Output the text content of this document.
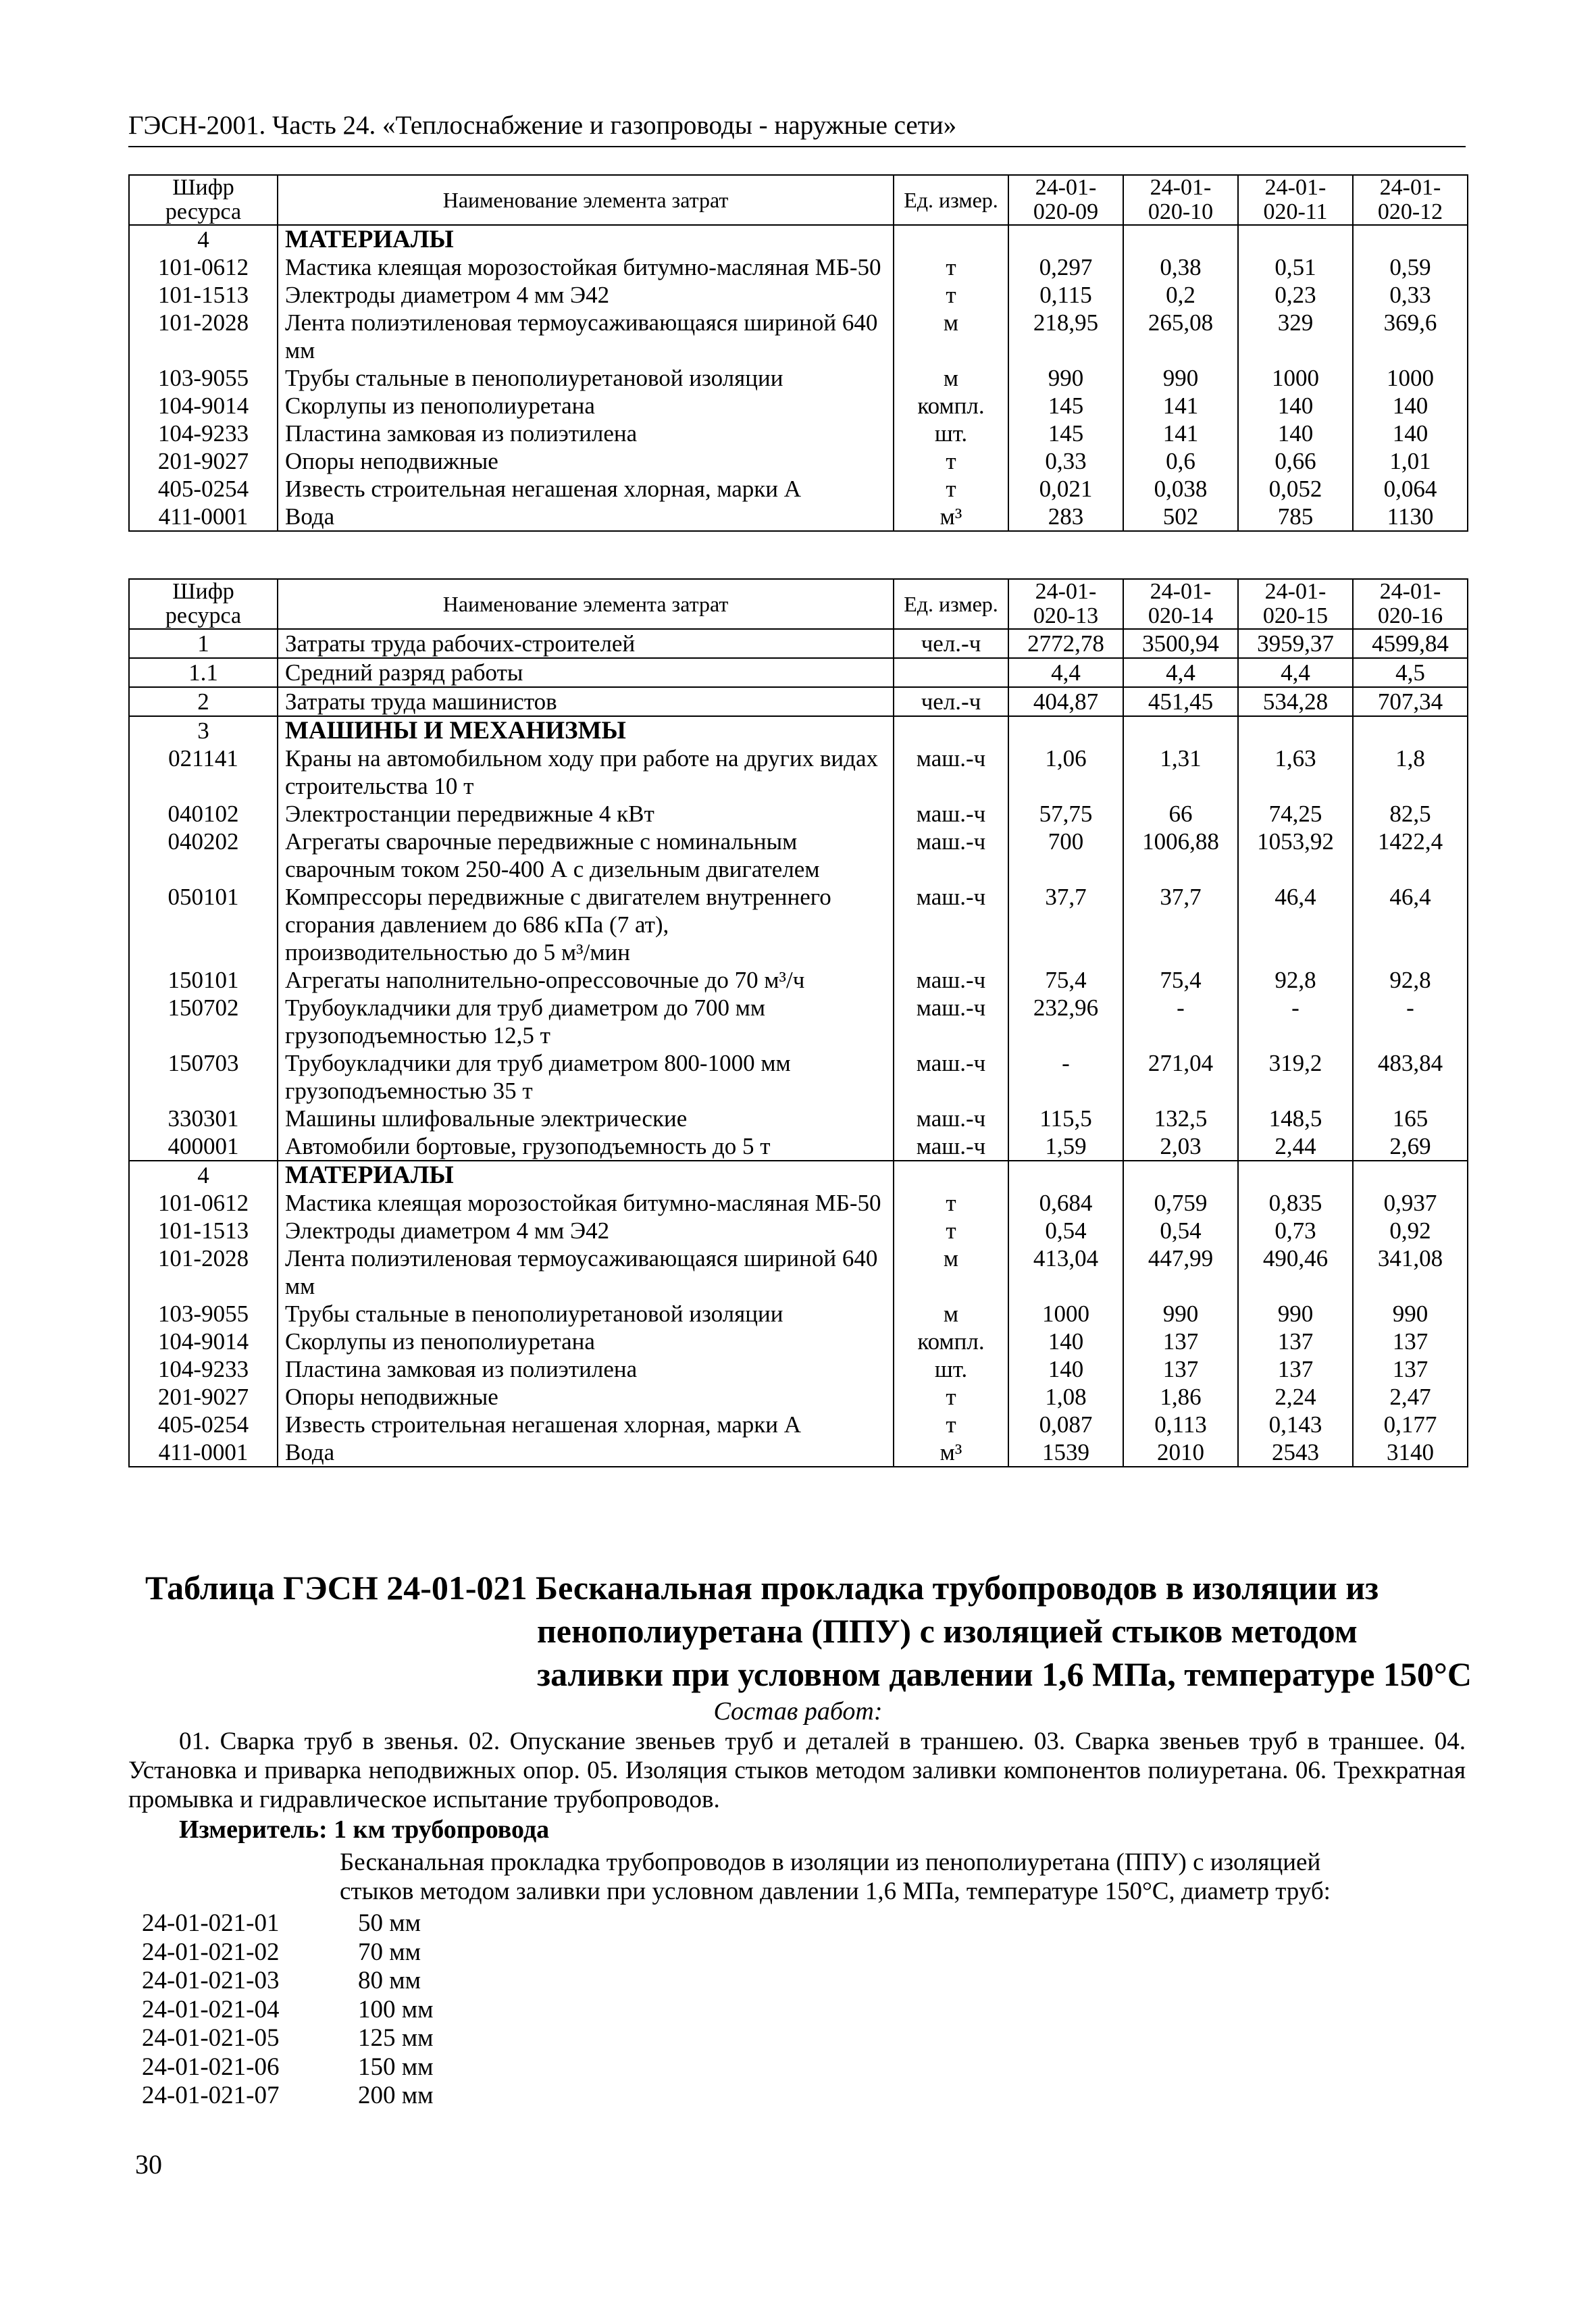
ГЭСН-2001. Часть 24. «Теплоснабжение и газопроводы - наружные сети»
Шифр ресурса	Наименование элемента затрат	Ед. измер.	24-01-020-09	24-01-020-10	24-01-020-11	24-01-020-12
4	МАТЕРИАЛЫ					
101-0612	Мастика клеящая морозостойкая битумно-масляная МБ-50	т	0,297	0,38	0,51	0,59
101-1513	Электроды диаметром 4 мм Э42	т	0,115	0,2	0,23	0,33
101-2028	Лента полиэтиленовая термоусаживающаяся шириной 640 мм	м	218,95	265,08	329	369,6
103-9055	Трубы стальные в пенополиуретановой изоляции	м	990	990	1000	1000
104-9014	Скорлупы из пенополиуретана	компл.	145	141	140	140
104-9233	Пластина замковая из полиэтилена	шт.	145	141	140	140
201-9027	Опоры неподвижные	т	0,33	0,6	0,66	1,01
405-0254	Известь строительная негашеная хлорная, марки А	т	0,021	0,038	0,052	0,064
411-0001	Вода	м³	283	502	785	1130
Шифр ресурса	Наименование элемента затрат	Ед. измер.	24-01-020-13	24-01-020-14	24-01-020-15	24-01-020-16
1	Затраты труда рабочих-строителей	чел.-ч	2772,78	3500,94	3959,37	4599,84
1.1	Средний разряд работы		4,4	4,4	4,4	4,5
2	Затраты труда машинистов	чел.-ч	404,87	451,45	534,28	707,34
3	МАШИНЫ И МЕХАНИЗМЫ					
021141	Краны на автомобильном ходу при работе на других видах строительства 10 т	маш.-ч	1,06	1,31	1,63	1,8
040102	Электростанции передвижные 4 кВт	маш.-ч	57,75	66	74,25	82,5
040202	Агрегаты сварочные передвижные с номинальным сварочным током 250-400 А с дизельным двигателем	маш.-ч	700	1006,88	1053,92	1422,4
050101	Компрессоры передвижные с двигателем внутреннего сгорания давлением до 686 кПа (7 ат), производительностью до 5 м³/мин	маш.-ч	37,7	37,7	46,4	46,4
150101	Агрегаты наполнительно-опрессовочные до 70 м³/ч	маш.-ч	75,4	75,4	92,8	92,8
150702	Трубоукладчики для труб диаметром до 700 мм грузоподъемностью 12,5 т	маш.-ч	232,96	-	-	-
150703	Трубоукладчики для труб диаметром 800-1000 мм грузоподъемностью 35 т	маш.-ч	-	271,04	319,2	483,84
330301	Машины шлифовальные электрические	маш.-ч	115,5	132,5	148,5	165
400001	Автомобили бортовые, грузоподъемность до 5 т	маш.-ч	1,59	2,03	2,44	2,69
4	МАТЕРИАЛЫ					
101-0612	Мастика клеящая морозостойкая битумно-масляная МБ-50	т	0,684	0,759	0,835	0,937
101-1513	Электроды диаметром 4 мм Э42	т	0,54	0,54	0,73	0,92
101-2028	Лента полиэтиленовая термоусаживающаяся шириной 640 мм	м	413,04	447,99	490,46	341,08
103-9055	Трубы стальные в пенополиуретановой изоляции	м	1000	990	990	990
104-9014	Скорлупы из пенополиуретана	компл.	140	137	137	137
104-9233	Пластина замковая из полиэтилена	шт.	140	137	137	137
201-9027	Опоры неподвижные	т	1,08	1,86	2,24	2,47
405-0254	Известь строительная негашеная хлорная, марки А	т	0,087	0,113	0,143	0,177
411-0001	Вода	м³	1539	2010	2543	3140
Таблица ГЭСН 24-01-021 Бесканальная прокладка трубопроводов в изоляции из
пенополиуретана (ППУ) с изоляцией стыков методом
заливки при условном давлении 1,6 МПа, температуре 150°С
Состав работ:
01. Сварка труб в звенья. 02. Опускание звеньев труб и деталей в траншею. 03. Сварка звеньев труб в траншее. 04. Установка и приварка неподвижных опор. 05. Изоляция стыков методом заливки компонентов полиуретана. 06. Трехкратная промывка и гидравлическое испытание трубопроводов.
Измеритель: 1 км трубопровода
Бесканальная прокладка трубопроводов в изоляции из пенополиуретана (ППУ) с изоляцией
стыков методом заливки при условном давлении 1,6 МПа, температуре 150°С, диаметр труб:
24-01-021-01	50 мм
24-01-021-02	70 мм
24-01-021-03	80 мм
24-01-021-04	100 мм
24-01-021-05	125 мм
24-01-021-06	150 мм
24-01-021-07	200 мм
30
